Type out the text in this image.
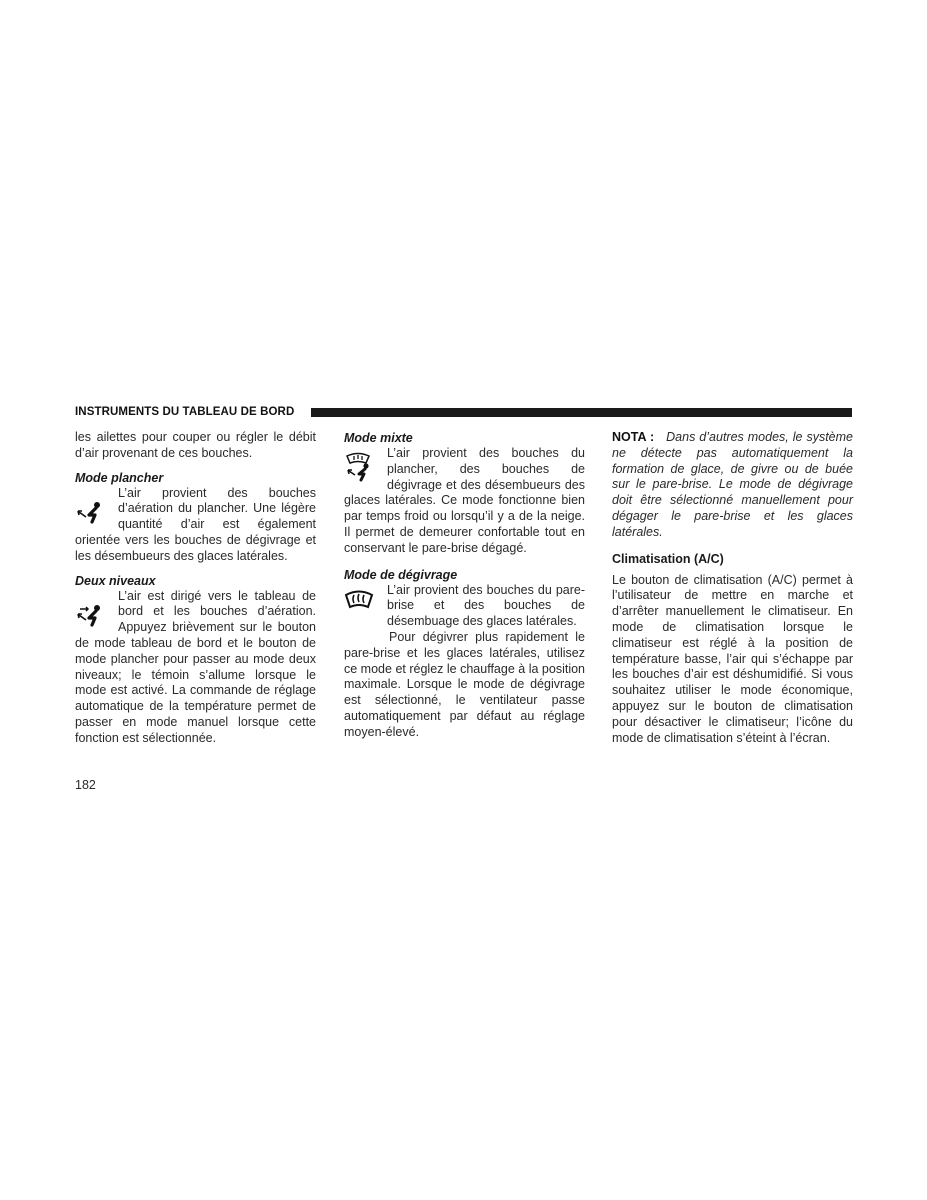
INSTRUMENTS DU TABLEAU DE BORD

les ailettes pour couper ou régler le débit d’air provenant de ces bouches.

Mode plancher

L’air provient des bouches d’aération du plancher. Une légère quantité d’air est également orientée vers les bouches de dégivrage et les désembueurs des glaces latérales.

Deux niveaux

L’air est dirigé vers le tableau de bord et les bouches d’aération. Appuyez brièvement sur le bouton de mode tableau de bord et le bouton de mode plancher pour passer au mode deux niveaux; le témoin s’allume lorsque le mode est activé. La commande de réglage automatique de la température permet de passer en mode manuel lorsque cette fonction est sélectionnée.

Mode mixte

L’air provient des bouches du plancher, des bouches de dégivrage et des désembueurs des glaces latérales. Ce mode fonctionne bien par temps froid ou lorsqu’il y a de la neige. Il permet de demeurer confortable tout en conservant le pare-brise dégagé.

Mode de dégivrage

L’air provient des bouches du pare-brise et des bouches de désembuage des glaces latérales.

Pour dégivrer plus rapidement le pare-brise et les glaces latérales, utilisez ce mode et réglez le chauffage à la position maximale. Lorsque le mode de dégivrage est sélectionné, le ventilateur passe automatiquement par défaut au réglage moyen-élevé.

NOTA : Dans d’autres modes, le système ne détecte pas automatiquement la formation de glace, de givre ou de buée sur le pare-brise. Le mode de dégivrage doit être sélectionné manuellement pour dégager le pare-brise et les glaces latérales.

Climatisation (A/C)

Le bouton de climatisation (A/C) permet à l’utilisateur de mettre en marche et d’arrêter manuellement le climatiseur. En mode de climatisation lorsque le climatiseur est réglé à la position de température basse, l’air qui s’échappe par les bouches d’air est déshumidifié. Si vous souhaitez utiliser le mode économique, appuyez sur le bouton de climatisation pour désactiver le climatiseur; l’icône du mode de climatisation s’éteint à l’écran.

182
